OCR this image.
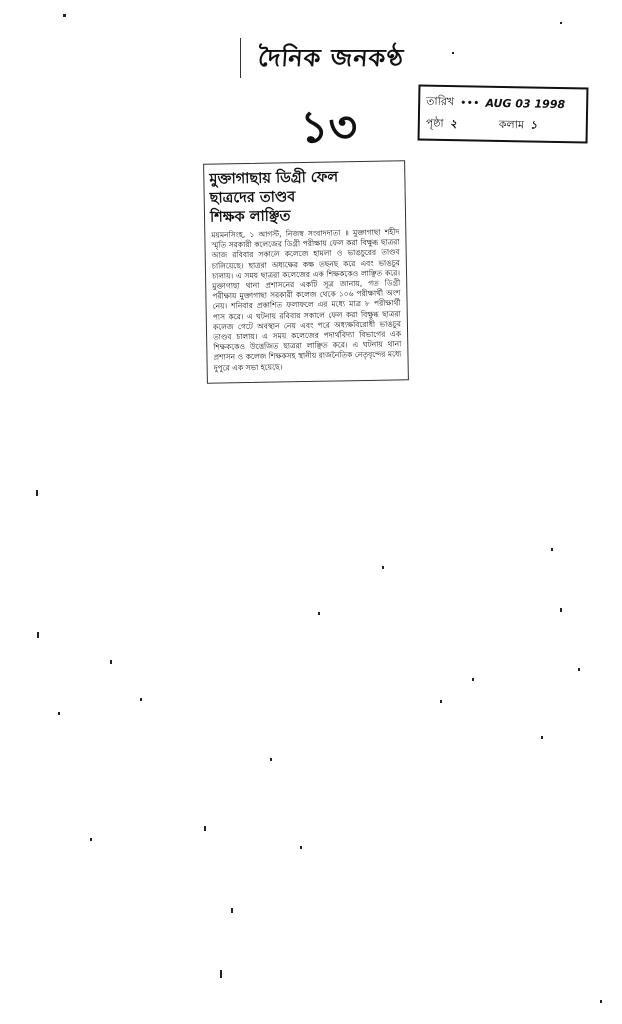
দৈনিক জনকণ্ঠ
১৩
তারিখ ••• AUG 03 1998
পৃষ্ঠা ২	কলাম ১
মুক্তাগাছায় ডিগ্রী ফেল
ছাত্রদের তাণ্ডব
শিক্ষক লাঞ্ছিত
ময়মনসিংহ, ১ আগস্ট, নিজস্ব সংবাদদাতা ॥ মুক্তাগাছা শহীদ স্মৃতি সরকারী কলেজের ডিগ্রী পরীক্ষায় ফেল করা বিক্ষুব্ধ ছাত্ররা আজ রবিবার সকালে কলেজে হামলা ও ভাঙচুরের তাণ্ডব চালিয়েছে। ছাত্ররা অধ্যক্ষের কক্ষ তছনছ করে এবং ভাঙচুর চালায়। এ সময় ছাত্ররা কলেজের এক শিক্ষককেও লাঞ্ছিত করে। মুক্তাগাছা থানা প্রশাসনের একটি সূত্র জানায়, গত ডিগ্রী পরীক্ষায় মুক্তাগাছা সরকারী কলেজ থেকে ১০৬ পরীক্ষার্থী অংশ নেয়। শনিবার প্রকাশিত ফলাফলে এর মধ্যে মাত্র ৮ পরীক্ষার্থী পাস করে। এ ঘটনায় রবিবার সকালে ফেল করা বিক্ষুব্ধ ছাত্ররা কলেজ গেটে অবস্থান নেয় এবং পরে অধ্যক্ষবিরোধী ভাঙচুর তাণ্ডব চালায়। এ সময় কলেজের পদার্থবিদ্যা বিভাগের এক শিক্ষককেও উত্তেজিত ছাত্ররা লাঞ্ছিত করে। এ ঘটনায় থানা প্রশাসন ও কলেজ শিক্ষকসহ স্থানীয় রাজনৈতিক নেতৃবৃন্দের মধ্যে দুপুরে এক সভা হয়েছে।
